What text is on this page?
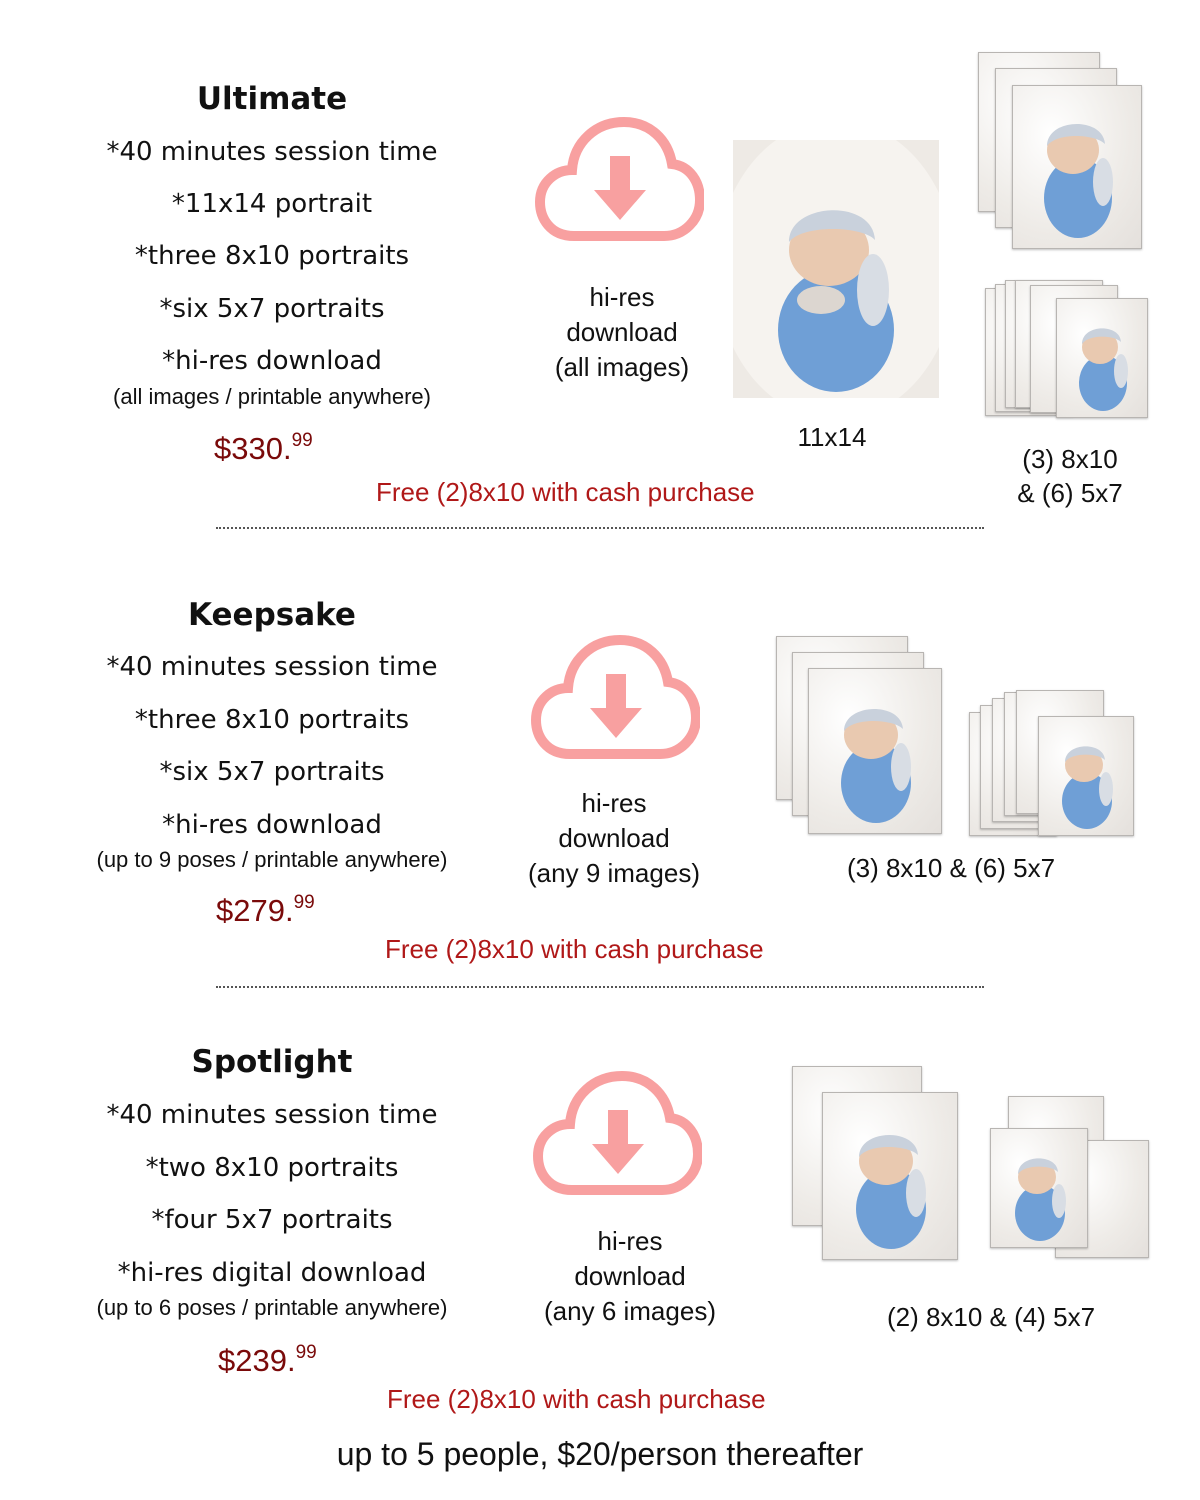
Ultimate
*40 minutes session time
*11x14 portrait
*three 8x10 portraits
*six 5x7 portraits
*hi-res download
(all images / printable anywhere)
$330.99
Free (2)8x10 with cash purchase
hi-res
download
(all images)
11x14
(3) 8x10
& (6) 5x7
Keepsake
*40 minutes session time
*three 8x10 portraits
*six 5x7 portraits
*hi-res download
(up to 9 poses / printable anywhere)
$279.99
Free (2)8x10 with cash purchase
hi-res
download
(any 9 images)	(3) 8x10 & (6) 5x7
Spotlight
*40 minutes session time
*two 8x10 portraits
*four 5x7 portraits
*hi-res digital download
(up to 6 poses / printable anywhere)
$239.99
Free (2)8x10 with cash purchase
hi-res
download
(any 6 images)	(2) 8x10 & (4) 5x7
up to 5 people, $20/person thereafter
